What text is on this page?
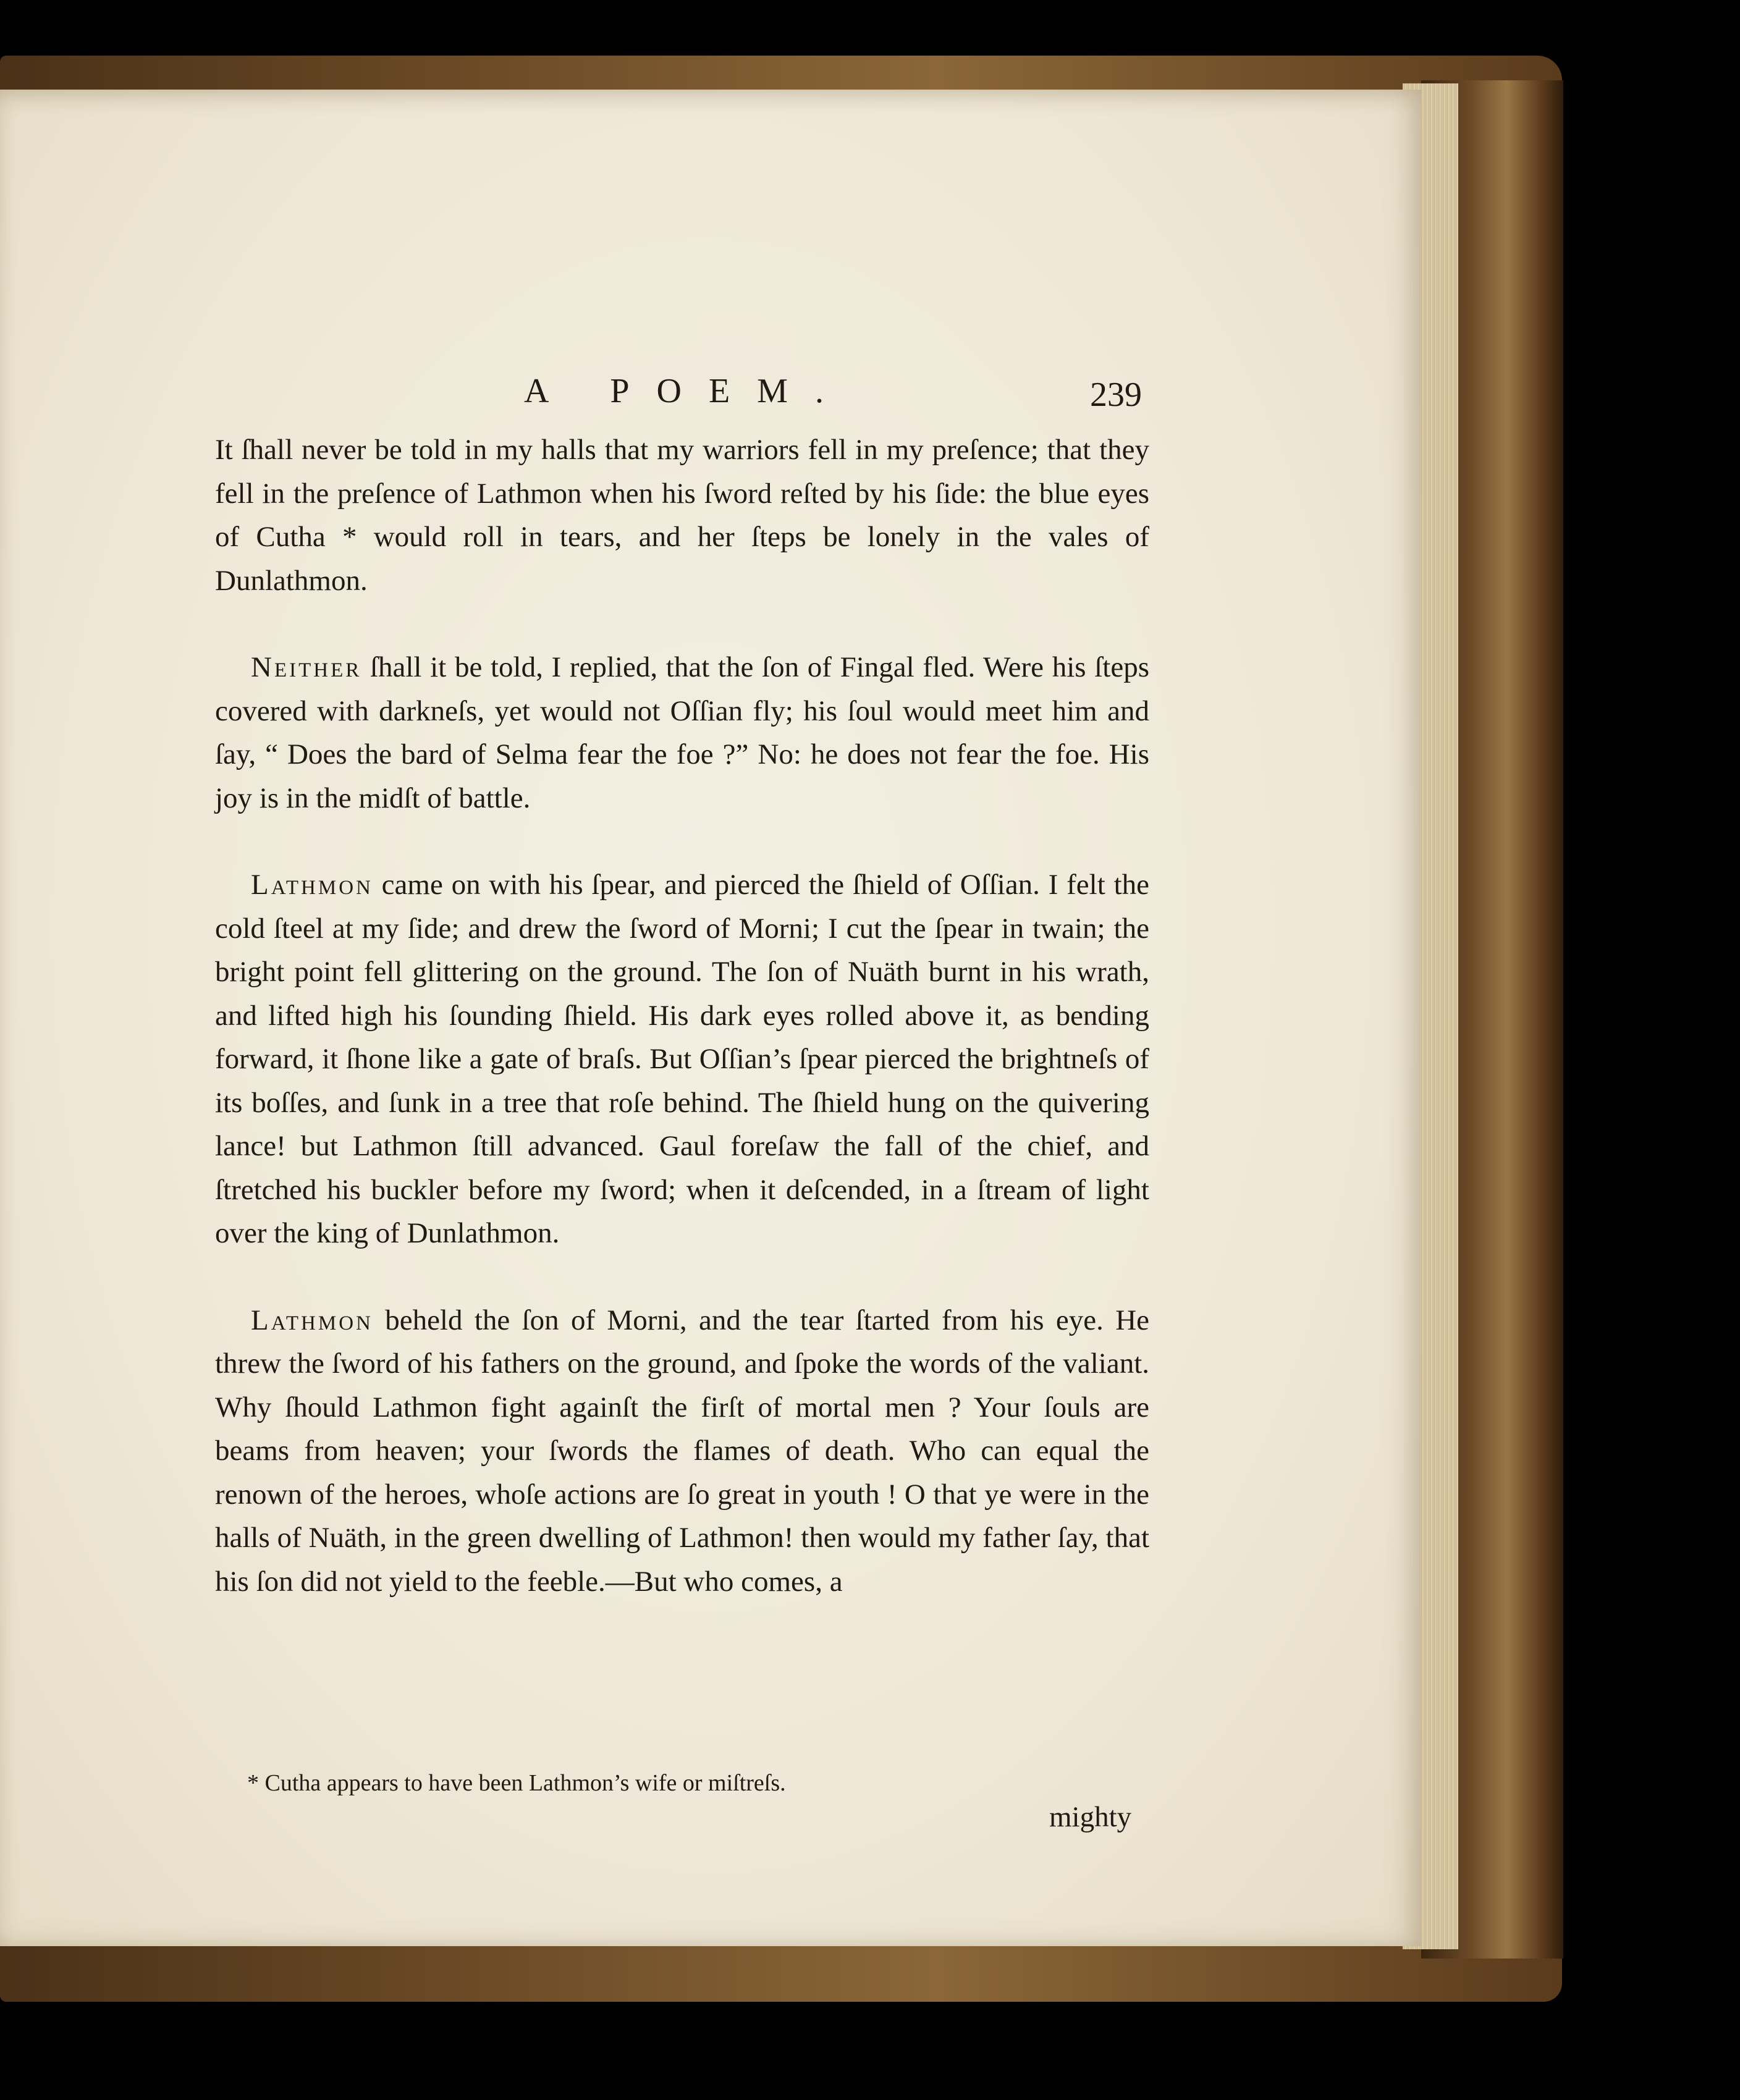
A POEM.	239

It ſhall never be told in my halls that my warriors fell in my preſence; that they fell in the preſence of Lathmon when his ſword reſted by his ſide: the blue eyes of Cutha * would roll in tears, and her ſteps be lonely in the vales of Dunlathmon.

Neither ſhall it be told, I replied, that the ſon of Fingal fled. Were his ſteps covered with darkneſs, yet would not Oſſian fly; his ſoul would meet him and ſay, “ Does the bard of Selma fear the foe ?” No: he does not fear the foe. His joy is in the midſt of battle.

Lathmon came on with his ſpear, and pierced the ſhield of Oſſian. I felt the cold ſteel at my ſide; and drew the ſword of Morni; I cut the ſpear in twain; the bright point fell glittering on the ground. The ſon of Nuäth burnt in his wrath, and lifted high his ſounding ſhield. His dark eyes rolled above it, as bending forward, it ſhone like a gate of braſs. But Oſſian’s ſpear pierced the brightneſs of its boſſes, and ſunk in a tree that roſe behind. The ſhield hung on the quivering lance! but Lathmon ſtill advanced. Gaul foreſaw the fall of the chief, and ſtretched his buckler before my ſword; when it deſcended, in a ſtream of light over the king of Dunlathmon.

Lathmon beheld the ſon of Morni, and the tear ſtarted from his eye. He threw the ſword of his fathers on the ground, and ſpoke the words of the valiant. Why ſhould Lathmon fight againſt the firſt of mortal men ? Your ſouls are beams from heaven; your ſwords the flames of death. Who can equal the renown of the heroes, whoſe actions are ſo great in youth ! O that ye were in the halls of Nuäth, in the green dwelling of Lathmon! then would my father ſay, that his ſon did not yield to the feeble.—But who comes, a

* Cutha appears to have been Lathmon’s wife or miſtreſs.
mighty
